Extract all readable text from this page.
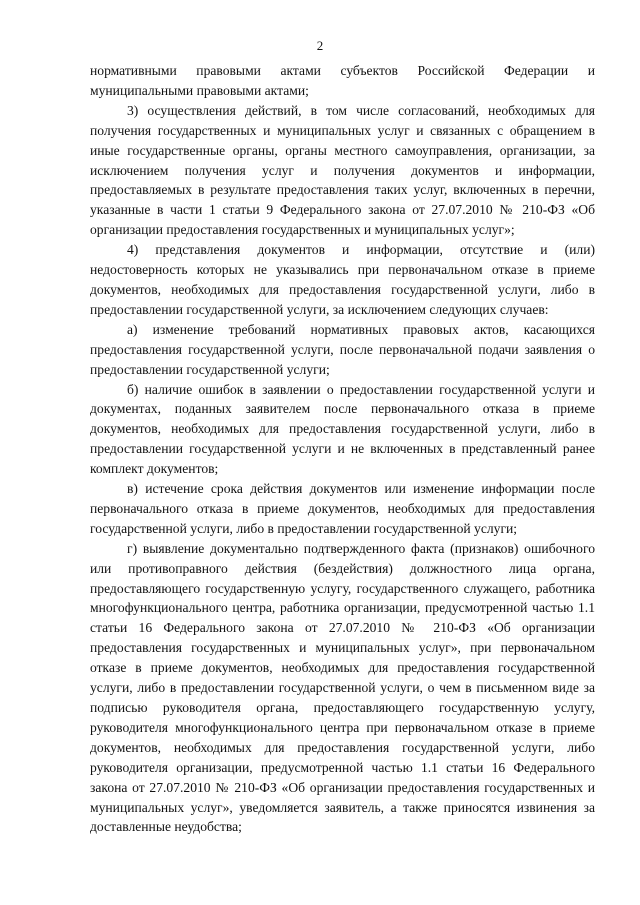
2

нормативными правовыми актами субъектов Российской Федерации и муниципальными правовыми актами;

3) осуществления действий, в том числе согласований, необходимых для получения государственных и муниципальных услуг и связанных с обращением в иные государственные органы, органы местного самоуправления, организации, за исключением получения услуг и получения документов и информации, предоставляемых в результате предоставления таких услуг, включенных в перечни, указанные в части 1 статьи 9 Федерального закона от 27.07.2010 № 210-ФЗ «Об организации предоставления государственных и муниципальных услуг»;

4) представления документов и информации, отсутствие и (или) недостоверность которых не указывались при первоначальном отказе в приеме документов, необходимых для предоставления государственной услуги, либо в предоставлении государственной услуги, за исключением следующих случаев:

а) изменение требований нормативных правовых актов, касающихся предоставления государственной услуги, после первоначальной подачи заявления о предоставлении государственной услуги;

б) наличие ошибок в заявлении о предоставлении государственной услуги и документах, поданных заявителем после первоначального отказа в приеме документов, необходимых для предоставления государственной услуги, либо в предоставлении государственной услуги и не включенных в представленный ранее комплект документов;

в) истечение срока действия документов или изменение информации после первоначального отказа в приеме документов, необходимых для предоставления государственной услуги, либо в предоставлении государственной услуги;

г) выявление документально подтвержденного факта (признаков) ошибочного или противоправного действия (бездействия) должностного лица органа, предоставляющего государственную услугу, государственного служащего, работника многофункционального центра, работника организации, предусмотренной частью 1.1 статьи 16 Федерального закона от 27.07.2010 № 210-ФЗ «Об организации предоставления государственных и муниципальных услуг», при первоначальном отказе в приеме документов, необходимых для предоставления государственной услуги, либо в предоставлении государственной услуги, о чем в письменном виде за подписью руководителя органа, предоставляющего государственную услугу, руководителя многофункционального центра при первоначальном отказе в приеме документов, необходимых для предоставления государственной услуги, либо руководителя организации, предусмотренной частью 1.1 статьи 16 Федерального закона от 27.07.2010 № 210-ФЗ «Об организации предоставления государственных и муниципальных услуг», уведомляется заявитель, а также приносятся извинения за доставленные неудобства;
